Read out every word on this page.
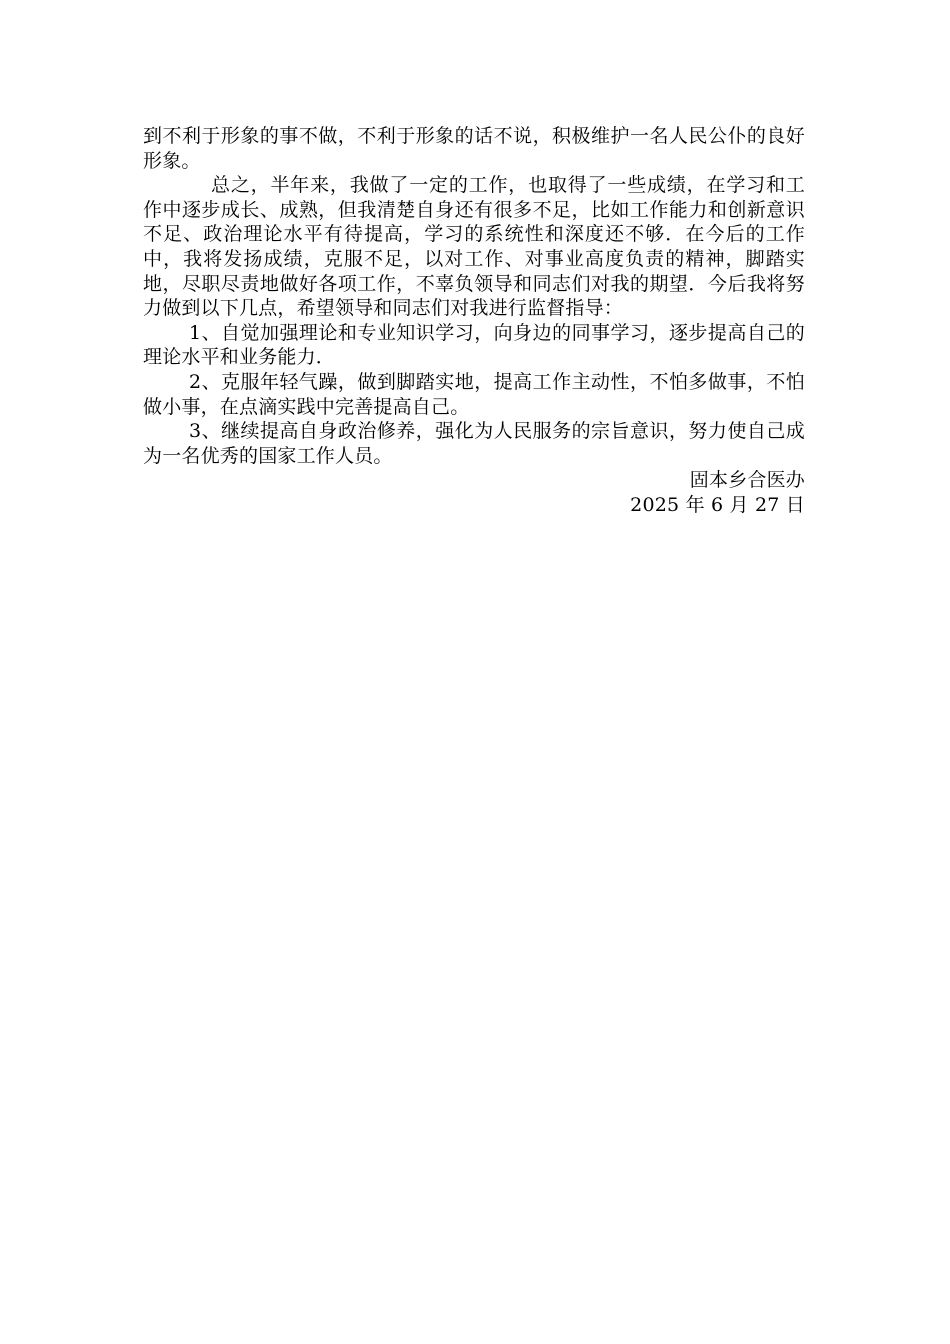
到不利于形象的事不做，不利于形象的话不说，积极维护一名人民公仆的良好形象。

总之，半年来，我做了一定的工作，也取得了一些成绩，在学习和工作中逐步成长、成熟，但我清楚自身还有很多不足，比如工作能力和创新意识不足、政治理论水平有待提高，学习的系统性和深度还不够．在今后的工作中，我将发扬成绩，克服不足，以对工作、对事业高度负责的精神，脚踏实地，尽职尽责地做好各项工作，不辜负领导和同志们对我的期望．今后我将努力做到以下几点，希望领导和同志们对我进行监督指导：

1、自觉加强理论和专业知识学习，向身边的同事学习，逐步提高自己的理论水平和业务能力．

2、克服年轻气躁，做到脚踏实地，提高工作主动性，不怕多做事，不怕做小事，在点滴实践中完善提高自己。

3、继续提高自身政治修养，强化为人民服务的宗旨意识，努力使自己成为一名优秀的国家工作人员。

固本乡合医办

2025 年 6 月 27 日
